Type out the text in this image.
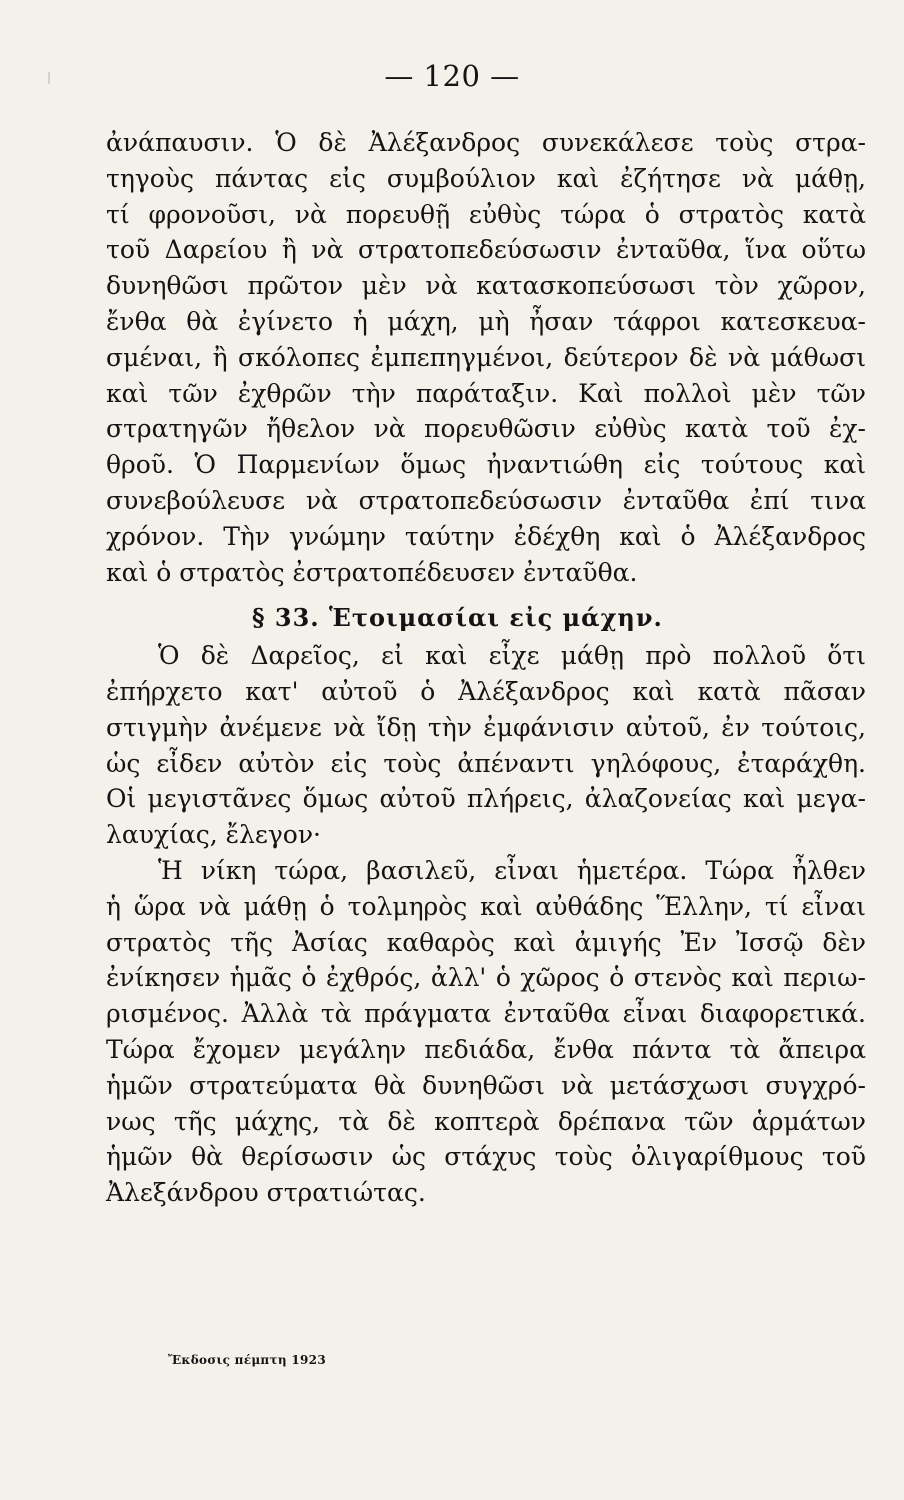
— 120 —
ἀνάπαυσιν. Ὁ δὲ Ἀλέξανδρος συνεκάλεσε τοὺς στρα-
τηγοὺς πάντας εἰς συμβούλιον καὶ ἐζήτησε νὰ μάθῃ,
τί φρονοῦσι, νὰ πορευθῇ εὐθὺς τώρα ὁ στρατὸς κατὰ
τοῦ Δαρείου ἢ νὰ στρατοπεδεύσωσιν ἐνταῦθα, ἵνα οὕτω
δυνηθῶσι πρῶτον μὲν νὰ κατασκοπεύσωσι τὸν χῶρον,
ἔνθα θὰ ἐγίνετο ἡ μάχη, μὴ ἦσαν τάφροι κατεσκευα-
σμέναι, ἢ σκόλοπες ἐμπεπηγμένοι, δεύτερον δὲ νὰ μάθωσι
καὶ τῶν ἐχθρῶν τὴν παράταξιν. Καὶ πολλοὶ μὲν τῶν
στρατηγῶν ἤθελον νὰ πορευθῶσιν εὐθὺς κατὰ τοῦ ἐχ-
θροῦ. Ὁ Παρμενίων ὅμως ἠναντιώθη εἰς τούτους καὶ
συνεβούλευσε νὰ στρατοπεδεύσωσιν ἐνταῦθα ἐπί τινα
χρόνον. Τὴν γνώμην ταύτην ἐδέχθη καὶ ὁ Ἀλέξανδρος
καὶ ὁ στρατὸς ἐστρατοπέδευσεν ἐνταῦθα.
§ 33. Ἑτοιμασίαι εἰς μάχην.
Ὁ δὲ Δαρεῖος, εἰ καὶ εἶχε μάθῃ πρὸ πολλοῦ ὅτι
ἐπήρχετο κατ' αὐτοῦ ὁ Ἀλέξανδρος καὶ κατὰ πᾶσαν
στιγμὴν ἀνέμενε νὰ ἴδῃ τὴν ἐμφάνισιν αὐτοῦ, ἐν τούτοις,
ὡς εἶδεν αὐτὸν εἰς τοὺς ἀπέναντι γηλόφους, ἐταράχθη.
Οἱ μεγιστᾶνες ὅμως αὐτοῦ πλήρεις, ἀλαζονείας καὶ μεγα-
λαυχίας, ἔλεγον·
Ἡ νίκη τώρα, βασιλεῦ, εἶναι ἡμετέρα. Τώρα ἦλθεν
ἡ ὥρα νὰ μάθῃ ὁ τολμηρὸς καὶ αὐθάδης Ἕλλην, τί εἶναι
στρατὸς τῆς Ἀσίας καθαρὸς καὶ ἀμιγής Ἐν Ἰσσῷ δὲν
ἐνίκησεν ἡμᾶς ὁ ἐχθρός, ἀλλ' ὁ χῶρος ὁ στενὸς καὶ περιω-
ρισμένος. Ἀλλὰ τὰ πράγματα ἐνταῦθα εἶναι διαφορετικά.
Τώρα ἔχομεν μεγάλην πεδιάδα, ἔνθα πάντα τὰ ἄπειρα
ἡμῶν στρατεύματα θὰ δυνηθῶσι νὰ μετάσχωσι συγχρό-
νως τῆς μάχης, τὰ δὲ κοπτερὰ δρέπανα τῶν ἁρμάτων
ἡμῶν θὰ θερίσωσιν ὡς στάχυς τοὺς ὀλιγαρίθμους τοῦ
Ἀλεξάνδρου στρατιώτας.
Ἔκδοσις πέμπτη 1923
